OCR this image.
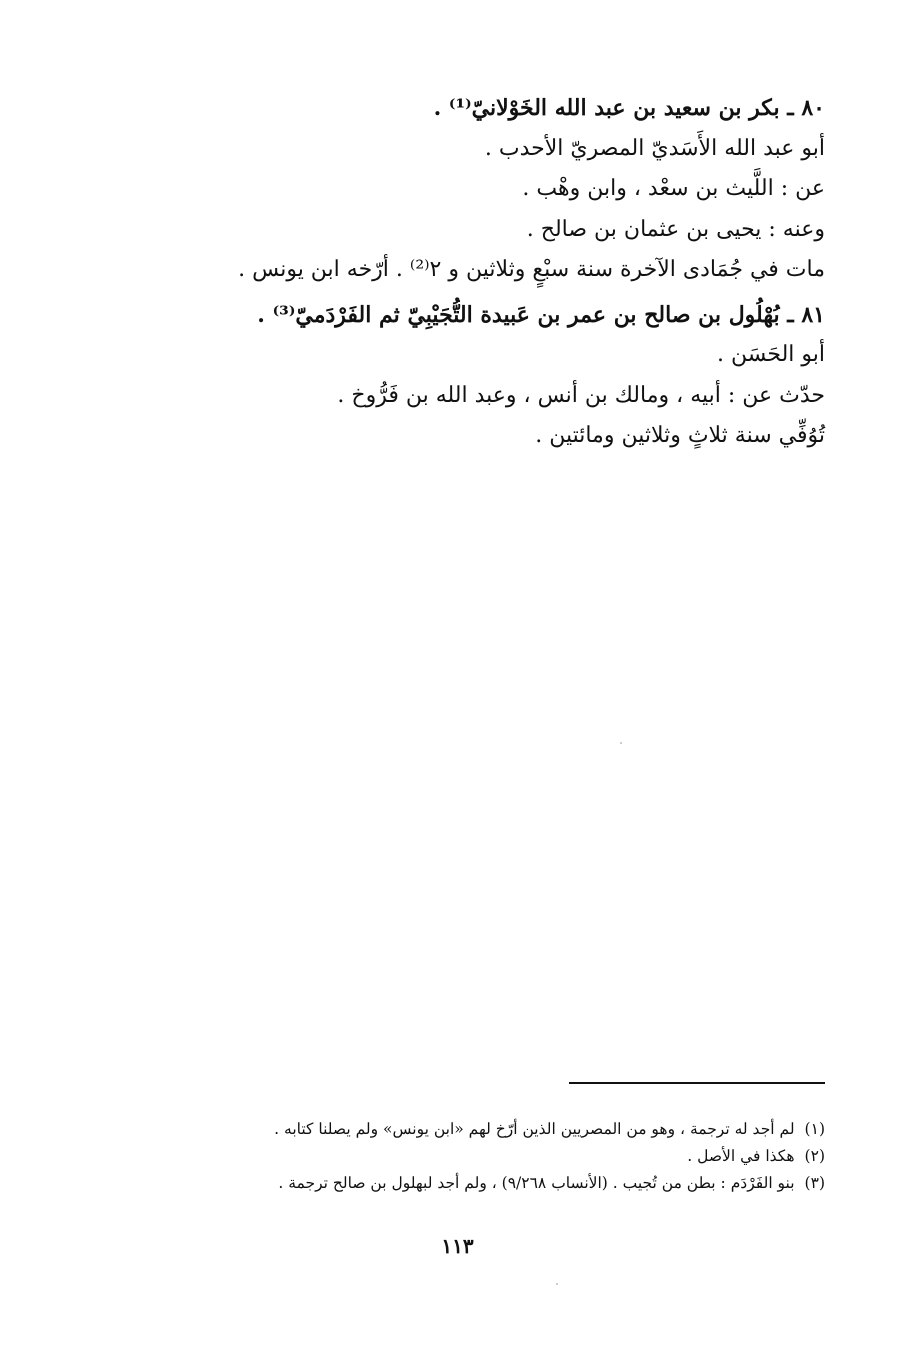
٨٠ ـ بكر بن سعيد بن عبد الله الخَوْلانيّ⁽¹⁾ .
أبو عبد الله الأَسَديّ المصريّ الأحدب .
عن : اللَّيث بن سعْد ، وابن وهْب .
وعنه : يحيى بن عثمان بن صالح .
مات في جُمَادى الآخرة سنة سبْعٍ وثلاثين و ٢⁽²⁾ . أرّخه ابن يونس .
٨١ ـ بُهْلُول بن صالح بن عمر بن عَبيدة التُّجَيْبِيّ ثم الفَرْدَميّ⁽³⁾ .
أبو الحَسَن .
حدّث عن : أبيه ، ومالك بن أنس ، وعبد الله بن فَرُّوخ .
تُوُفِّي سنة ثلاثٍ وثلاثين ومائتين .
(١)لم أجد له ترجمة ، وهو من المصريين الذين أرّخ لهم «ابن يونس» ولم يصلنا كتابه .
(٢)هكذا في الأصل .
(٣)بنو الفَرْدَم : بطن من تُجيب . (الأنساب ٩/٢٦٨) ، ولم أجد لبهلول بن صالح ترجمة .
١١٣
